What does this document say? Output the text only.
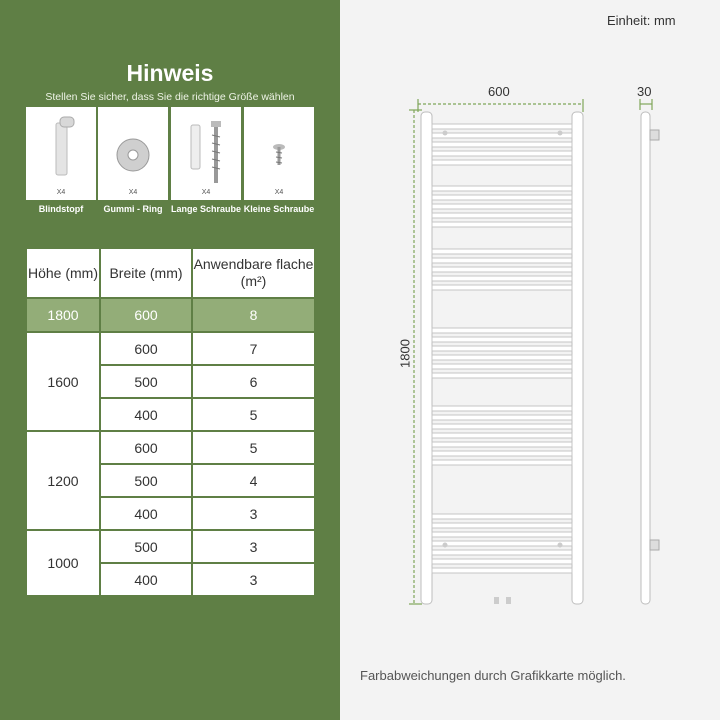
Hinweis
Stellen Sie sicher, dass Sie die richtige Größe wählen
X4	X4	X4	X4
Blindstopf	Gummi - Ring Lange Schraube Kleine Schraube
Höhe (mm)	Breite (mm)	Anwendbare flache (m²)
1800	600	8
1600	600	7
	500	6
	400	5
1200	600	5
	500	4
	400	3
1000	500	3
	400	3
Einheit: mm
600	30
1800
Farbabweichungen durch Grafikkarte möglich.
